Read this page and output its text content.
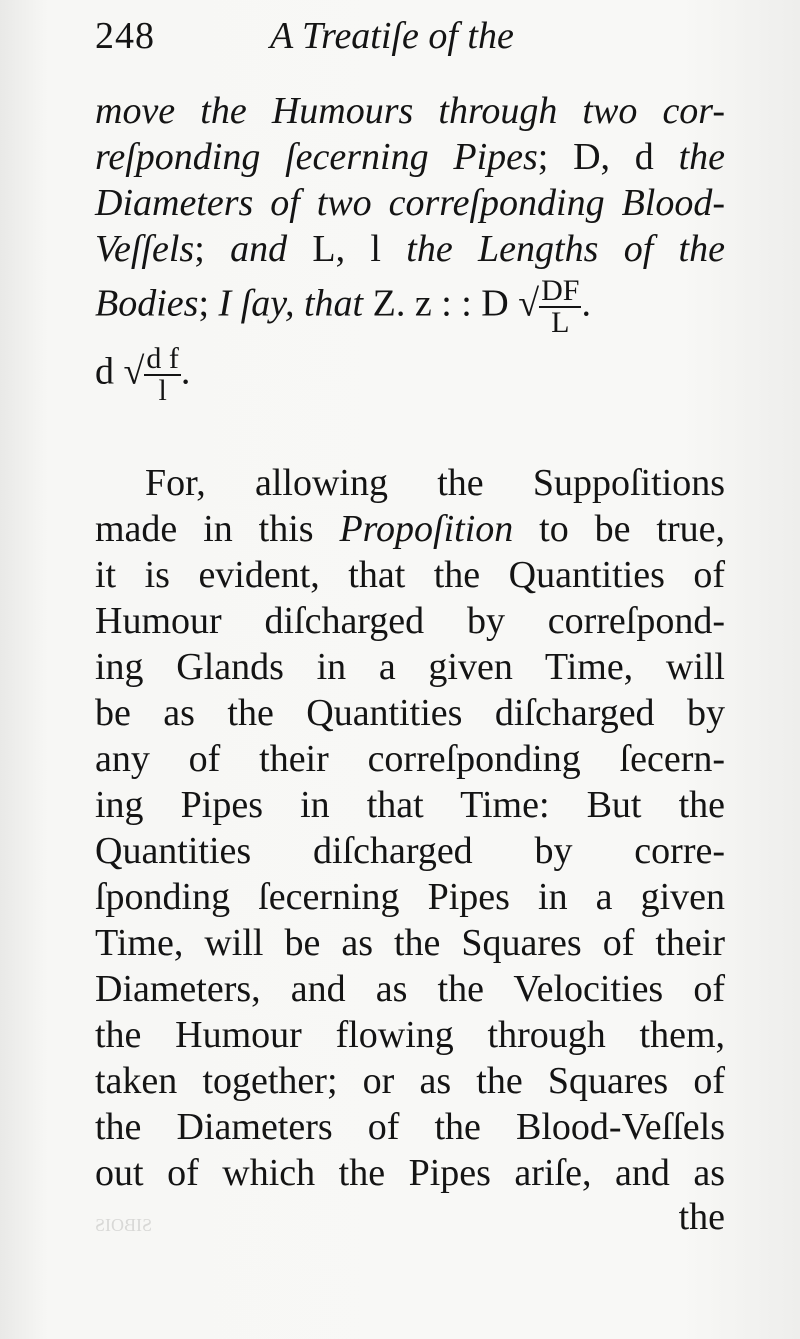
248	A Treatiſe of the
move the Humours through two cor-
reſponding ſecerning Pipes; D, d the
Diameters of two correſponding Blood-
Veſſels; and L, l the Lengths of the
Bodies; I ſay, that Z. z : : D √ $\frac{DF}{L}$ .
d √ $\frac{\text{d f}}{l}$ .
For, allowing the Suppoſitions
made in this Propoſition to be true,
it is evident, that the Quantities of
Humour diſcharged by correſpond-
ing Glands in a given Time, will
be as the Quantities diſcharged by
any of their correſponding ſecern-
ing Pipes in that Time: But the
Quantities diſcharged by corre-
ſponding ſecerning Pipes in a given
Time, will be as the Squares of their
Diameters, and as the Velocities of
the Humour flowing through them,
taken together; or as the Squares of
the Diameters of the Blood-Veſſels
out of which the Pipes ariſe, and as
the
SIBOIS
